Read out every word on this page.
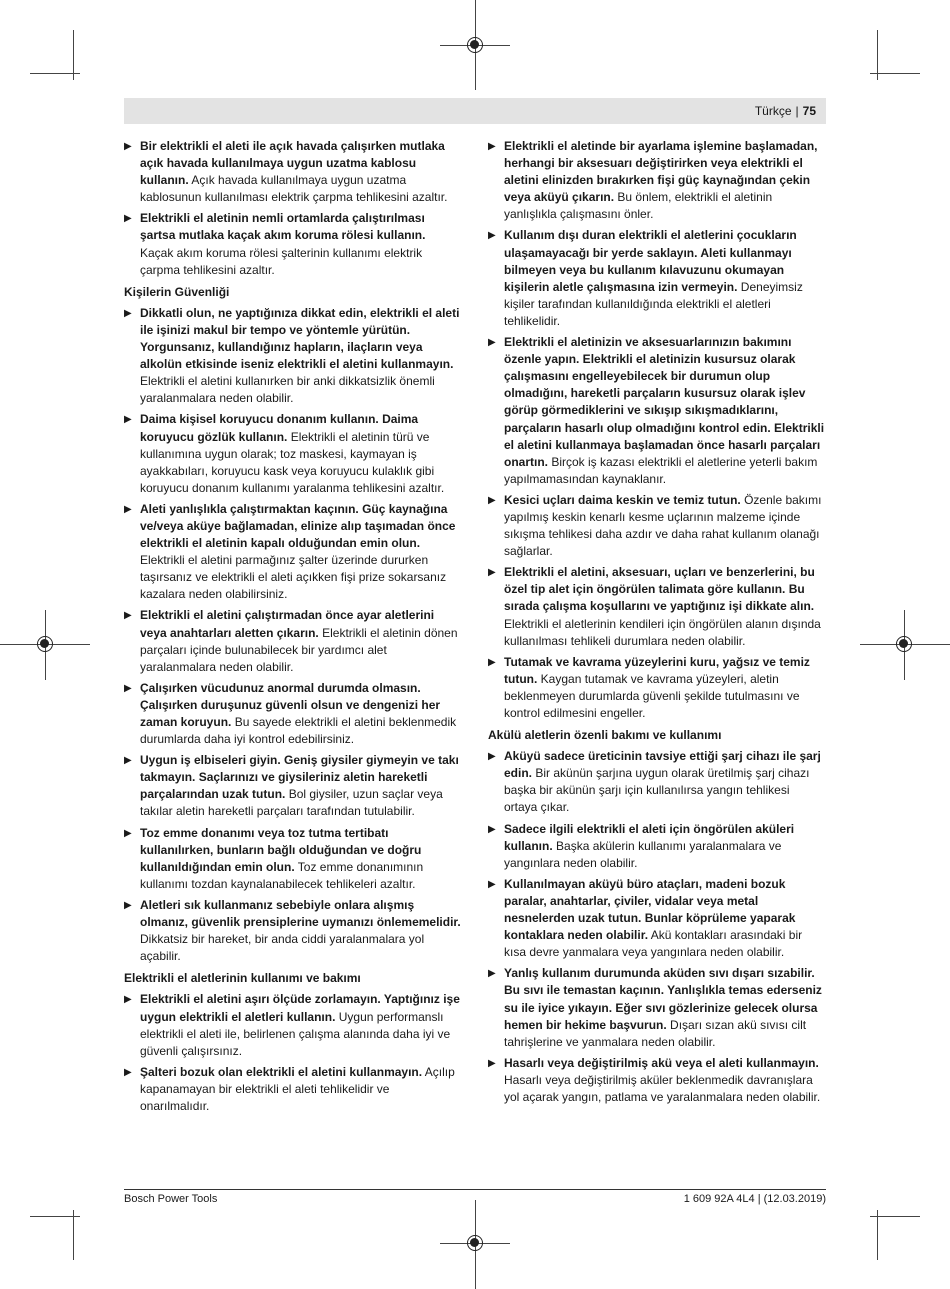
Türkçe | 75
▶ Bir elektrikli el aleti ile açık havada çalışırken mutlaka açık havada kullanılmaya uygun uzatma kablosu kullanın. Açık havada kullanılmaya uygun uzatma kablosunun kullanılması elektrik çarpma tehlikesini azaltır.
▶ Elektrikli el aletinin nemli ortamlarda çalıştırılması şartsa mutlaka kaçak akım koruma rölesi kullanın. Kaçak akım koruma rölesi şalterinin kullanımı elektrik çarpma tehlikesini azaltır.
Kişilerin Güvenliği
▶ Dikkatli olun, ne yaptığınıza dikkat edin, elektrikli el aleti ile işinizi makul bir tempo ve yöntemle yürütün. Yorgunsanız, kullandığınız hapların, ilaçların veya alkolün etkisinde iseniz elektrikli el aletini kullanmayın. Elektrikli el aletini kullanırken bir anki dikkatsizlik önemli yaralanmalara neden olabilir.
▶ Daima kişisel koruyucu donanım kullanın. Daima koruyucu gözlük kullanın. Elektrikli el aletinin türü ve kullanımına uygun olarak; toz maskesi, kaymayan iş ayakkabıları, koruyucu kask veya koruyucu kulaklık gibi koruyucu donanım kullanımı yaralanma tehlikesini azaltır.
▶ Aleti yanlışlıkla çalıştırmaktan kaçının. Güç kaynağına ve/veya aküye bağlamadan, elinize alıp taşımadan önce elektrikli el aletinin kapalı olduğundan emin olun. Elektrikli el aletini parmağınız şalter üzerinde dururken taşırsanız ve elektrikli el aleti açıkken fişi prize sokarsanız kazalara neden olabilirsiniz.
▶ Elektrikli el aletini çalıştırmadan önce ayar aletlerini veya anahtarları aletten çıkarın. Elektrikli el aletinin dönen parçaları içinde bulunabilecek bir yardımcı alet yaralanmalara neden olabilir.
▶ Çalışırken vücudunuz anormal durumda olmasın. Çalışırken duruşunuz güvenli olsun ve dengenizi her zaman koruyun. Bu sayede elektrikli el aletini beklenmedik durumlarda daha iyi kontrol edebilirsiniz.
▶ Uygun iş elbiseleri giyin. Geniş giysiler giymeyin ve takı takmayın. Saçlarınızı ve giysileriniz aletin hareketli parçalarından uzak tutun. Bol giysiler, uzun saçlar veya takılar aletin hareketli parçaları tarafından tutulabilir.
▶ Toz emme donanımı veya toz tutma tertibatı kullanılırken, bunların bağlı olduğundan ve doğru kullanıldığından emin olun. Toz emme donanımının kullanımı tozdan kaynalanabilecek tehlikeleri azaltır.
▶ Aletleri sık kullanmanız sebebiyle onlara alışmış olmanız, güvenlik prensiplerine uymanızı önlememelidir. Dikkatsiz bir hareket, bir anda ciddi yaralanmalara yol açabilir.
Elektrikli el aletlerinin kullanımı ve bakımı
▶ Elektrikli el aletini aşırı ölçüde zorlamayın. Yaptığınız işe uygun elektrikli el aletleri kullanın. Uygun performanslı elektrikli el aleti ile, belirlenen çalışma alanında daha iyi ve güvenli çalışırsınız.
▶ Şalteri bozuk olan elektrikli el aletini kullanmayın. Açılıp kapanamayan bir elektrikli el aleti tehlikelidir ve onarılmalıdır.
▶ Elektrikli el aletinde bir ayarlama işlemine başlamadan, herhangi bir aksesuarı değiştirirken veya elektrikli el aletini elinizden bırakırken fişi güç kaynağından çekin veya aküyü çıkarın. Bu önlem, elektrikli el aletinin yanlışlıkla çalışmasını önler.
▶ Kullanım dışı duran elektrikli el aletlerini çocukların ulaşamayacağı bir yerde saklayın. Aleti kullanmayı bilmeyen veya bu kullanım kılavuzunu okumayan kişilerin aletle çalışmasına izin vermeyin. Deneyimsiz kişiler tarafından kullanıldığında elektrikli el aletleri tehlikelidir.
▶ Elektrikli el aletinizin ve aksesuarlarınızın bakımını özenle yapın. Elektrikli el aletinizin kusursuz olarak çalışmasını engelleyebilecek bir durumun olup olmadığını, hareketli parçaların kusursuz olarak işlev görüp görmediklerini ve sıkışıp sıkışmadıklarını, parçaların hasarlı olup olmadığını kontrol edin. Elektrikli el aletini kullanmaya başlamadan önce hasarlı parçaları onartın. Birçok iş kazası elektrikli el aletlerine yeterli bakım yapılmamasından kaynaklanır.
▶ Kesici uçları daima keskin ve temiz tutun. Özenle bakımı yapılmış keskin kenarlı kesme uçlarının malzeme içinde sıkışma tehlikesi daha azdır ve daha rahat kullanım olanağı sağlarlar.
▶ Elektrikli el aletini, aksesuarı, uçları ve benzerlerini, bu özel tip alet için öngörülen talimata göre kullanın. Bu sırada çalışma koşullarını ve yaptığınız işi dikkate alın. Elektrikli el aletlerinin kendileri için öngörülen alanın dışında kullanılması tehlikeli durumlara neden olabilir.
▶ Tutamak ve kavrama yüzeylerini kuru, yağsız ve temiz tutun. Kaygan tutamak ve kavrama yüzeyleri, aletin beklenmeyen durumlarda güvenli şekilde tutulmasını ve kontrol edilmesini engeller.
Akülü aletlerin özenli bakımı ve kullanımı
▶ Aküyü sadece üreticinin tavsiye ettiği şarj cihazı ile şarj edin. Bir akünün şarjına uygun olarak üretilmiş şarj cihazı başka bir akünün şarjı için kullanılırsa yangın tehlikesi ortaya çıkar.
▶ Sadece ilgili elektrikli el aleti için öngörülen aküleri kullanın. Başka akülerin kullanımı yaralanmalara ve yangınlara neden olabilir.
▶ Kullanılmayan aküyü büro ataçları, madeni bozuk paralar, anahtarlar, çiviler, vidalar veya metal nesnelerden uzak tutun. Bunlar köprüleme yaparak kontaklara neden olabilir. Akü kontakları arasındaki bir kısa devre yanmalara veya yangınlara neden olabilir.
▶ Yanlış kullanım durumunda aküden sıvı dışarı sızabilir. Bu sıvı ile temastan kaçının. Yanlışlıkla temas ederseniz su ile iyice yıkayın. Eğer sıvı gözlerinize gelecek olursa hemen bir hekime başvurun. Dışarı sızan akü sıvısı cilt tahrişlerine ve yanmalara neden olabilir.
▶ Hasarlı veya değiştirilmiş akü veya el aleti kullanmayın. Hasarlı veya değiştirilmiş aküler beklenmedik davranışlara yol açarak yangın, patlama ve yaralanmalara neden olabilir.
Bosch Power Tools	1 609 92A 4L4 | (12.03.2019)
